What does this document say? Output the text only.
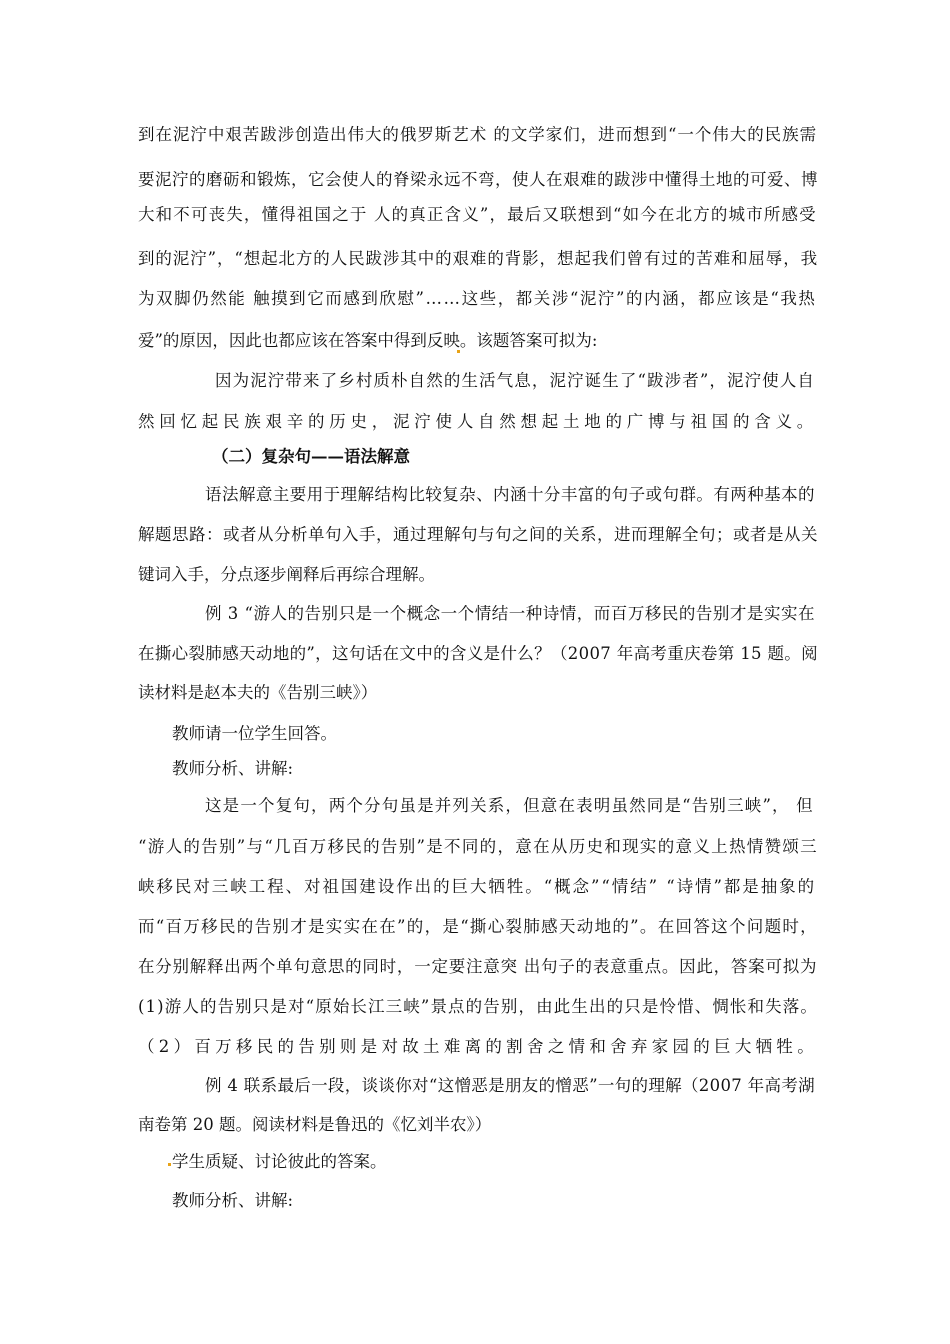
到在泥泞中艰苦跋涉创造出伟大的俄罗斯艺术 的文学家们，进而想到“一个伟大的民族需
要泥泞的磨砺和锻炼，它会使人的脊梁永远不弯，使人在艰难的跋涉中懂得土地的可爱、博
大和不可丧失，懂得祖国之于 人的真正含义”，最后又联想到“如今在北方的城市所感受
到的泥泞”，“想起北方的人民跋涉其中的艰难的背影，想起我们曾有过的苦难和屈辱，我
为双脚仍然能 触摸到它而感到欣慰”……这些，都关涉“泥泞”的内涵，都应该是“我热
爱”的原因，因此也都应该在答案中得到反映。该题答案可拟为:
因为泥泞带来了乡村质朴自然的生活气息，泥泞诞生了“跋涉者”，泥泞使人自
然回忆起民族艰辛的历史，泥泞使人自然想起土地的广博与祖国的含义。
（二）复杂句——语法解意
语法解意主要用于理解结构比较复杂、内涵十分丰富的句子或句群。有两种基本的
解题思路：或者从分析单句入手，通过理解句与句之间的关系，进而理解全句；或者是从关
键词入手，分点逐步阐释后再综合理解。
例 3 “游人的告别只是一个概念一个情结一种诗情，而百万移民的告别才是实实在
在撕心裂肺感天动地的”，这句话在文中的含义是什么？（2007 年高考重庆卷第 15 题。阅
读材料是赵本夫的《告别三峡》）
教师请一位学生回答。
教师分析、讲解:
这是一个复句，两个分句虽是并列关系，但意在表明虽然同是“告别三峡”， 但
“游人的告别”与“几百万移民的告别”是不同的，意在从历史和现实的意义上热情赞颂三
峡移民对三峡工程、对祖国建设作出的巨大牺牲。“概念”“情结” “诗情”都是抽象的
而“百万移民的告别才是实实在在”的，是“撕心裂肺感天动地的”。在回答这个问题时，
在分别解释出两个单句意思的同时，一定要注意突 出句子的表意重点。因此，答案可拟为
(1)游人的告别只是对“原始长江三峡”景点的告别，由此生出的只是怜惜、惆怅和失落。
（2）百万移民的告别则是对故土难离的割舍之情和舍弃家园的巨大牺牲。
例 4 联系最后一段，谈谈你对“这憎恶是朋友的憎恶”一句的理解（2007 年高考湖
南卷第 20 题。阅读材料是鲁迅的《忆刘半农》）
学生质疑、讨论彼此的答案。
教师分析、讲解:
